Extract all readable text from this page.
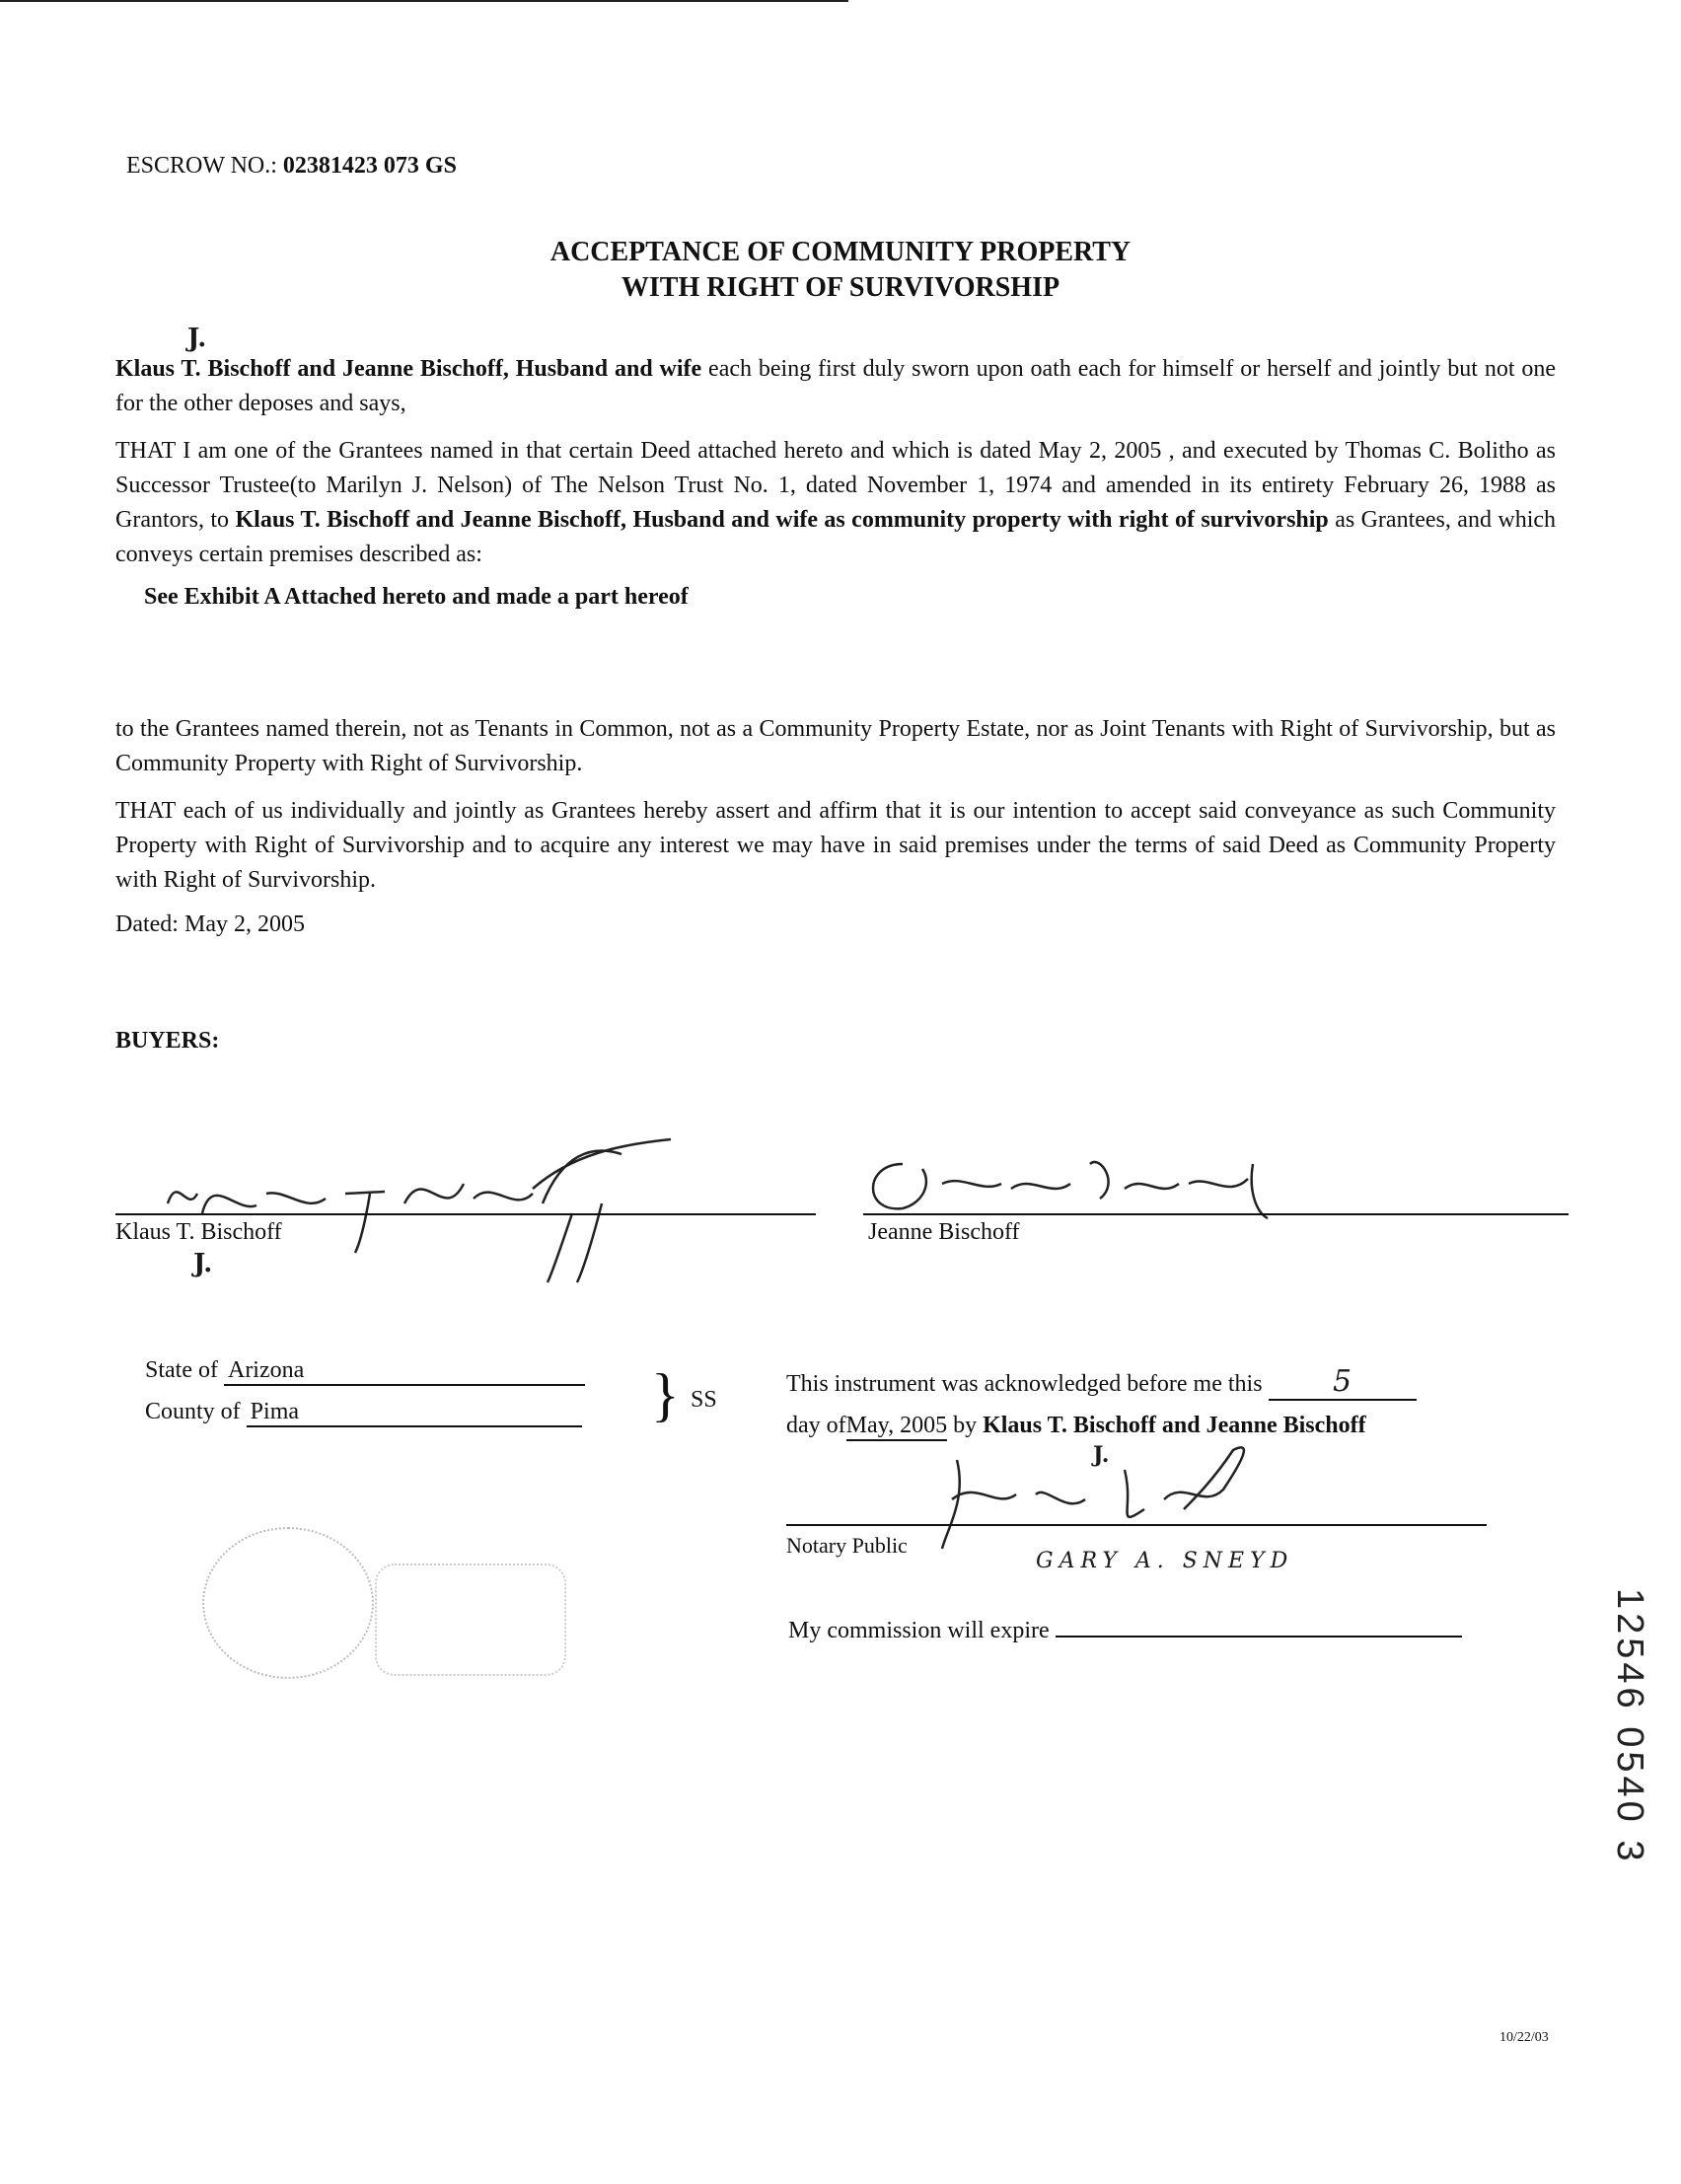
ESCROW NO.: 02381423 073 GS
ACCEPTANCE OF COMMUNITY PROPERTY
WITH RIGHT OF SURVIVORSHIP
J.
Klaus T. Bischoff and Jeanne Bischoff, Husband and wife each being first duly sworn upon oath each for himself or herself and jointly but not one for the other deposes and says,
THAT I am one of the Grantees named in that certain Deed attached hereto and which is dated May 2, 2005 , and executed by Thomas C. Bolitho as Successor Trustee(to Marilyn J. Nelson) of The Nelson Trust No. 1, dated November 1, 1974 and amended in its entirety February 26, 1988 as Grantors, to Klaus T. Bischoff and Jeanne Bischoff, Husband and wife as community property with right of survivorship as Grantees, and which conveys certain premises described as:
See Exhibit A Attached hereto and made a part hereof
to the Grantees named therein, not as Tenants in Common, not as a Community Property Estate, nor as Joint Tenants with Right of Survivorship, but as Community Property with Right of Survivorship.
THAT each of us individually and jointly as Grantees hereby assert and affirm that it is our intention to accept said conveyance as such Community Property with Right of Survivorship and to acquire any interest we may have in said premises under the terms of said Deed as Community Property with Right of Survivorship.
Dated: May 2, 2005
BUYERS:
Klaus T. Bischoff
J.
Jeanne Bischoff
State of Arizona
County of Pima	} SS
This instrument was acknowledged before me this 5
day ofMay, 2005 by Klaus T. Bischoff and Jeanne Bischoff
J.
Notary Public
GARY A. SNEYD
My commission will expire	12546 0540 3
10/22/03
